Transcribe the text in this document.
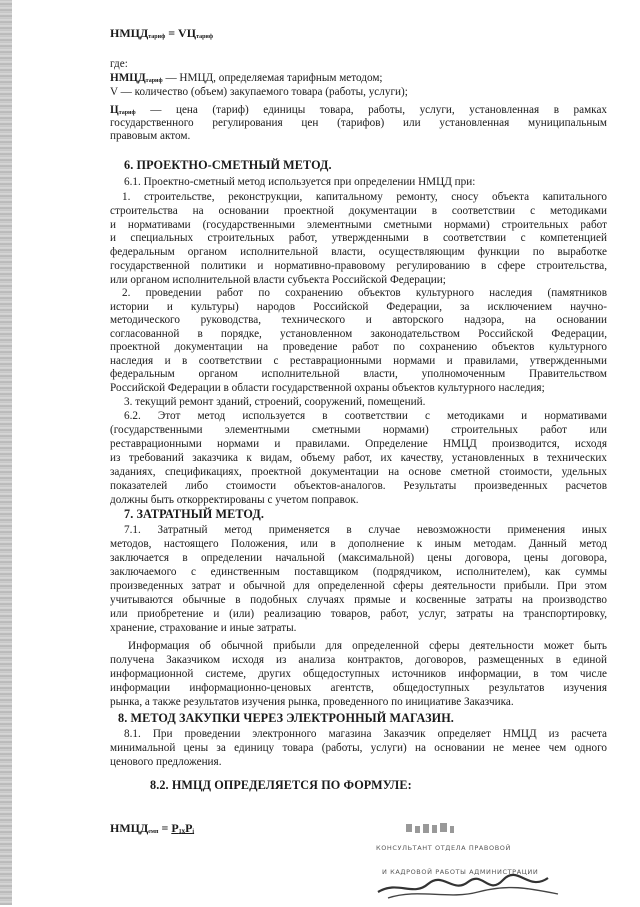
$НМЦД_{тариф} = VЦ_{тариф}$

где:

$НМЦД_{тариф}$ — НМЦД, определяемая тарифным методом;

V — количество (объем) закупаемого товара (работы, услуги);

$Ц_{тариф}$ — цена (тариф) единицы товара, работы, услуги, установленная в рамках

государственного регулирования цен (тарифов) или установленная муниципальным

правовым актом.

6. ПРОЕКТНО-СМЕТНЫЙ МЕТОД.

6.1. Проектно-сметный метод используется при определении НМЦД при:

1. строительстве, реконструкции, капитальному ремонту, сносу объекта капитального

строительства на основании проектной документации в соответствии с методиками

и нормативами (государственными элементными сметными нормами) строительных работ

и специальных строительных работ, утвержденными в соответствии с компетенцией

федеральным органом исполнительной власти, осуществляющим функции по выработке

государственной политики и нормативно-правовому регулированию в сфере строительства,

или органом исполнительной власти субъекта Российской Федерации;

2. проведении работ по сохранению объектов культурного наследия (памятников

истории и культуры) народов Российской Федерации, за исключением научно-

методического руководства, технического и авторского надзора, на основании

согласованной в порядке, установленном законодательством Российской Федерации,

проектной документации на проведение работ по сохранению объектов культурного

наследия и в соответствии с реставрационными нормами и правилами, утвержденными

федеральным органом исполнительной власти, уполномоченным Правительством

Российской Федерации в области государственной охраны объектов культурного наследия;

3. текущий ремонт зданий, строений, сооружений, помещений.

6.2. Этот метод используется в соответствии с методиками и нормативами

(государственными элементными сметными нормами) строительных работ или

реставрационными нормами и правилами. Определение НМЦД производится, исходя

из требований заказчика к видам, объему работ, их качеству, установленных в технических

заданиях, спецификациях, проектной документации на основе сметной стоимости, удельных

показателей либо стоимости объектов-аналогов. Результаты произведенных расчетов

должны быть откорректированы с учетом поправок.

7. ЗАТРАТНЫЙ МЕТОД.

7.1. Затратный метод применяется в случае невозможности применения иных

методов, настоящего Положения, или в дополнение к иным методам. Данный метод

заключается в определении начальной (максимальной) цены договора, цены договора,

заключаемого с единственным поставщиком (подрядчиком, исполнителем), как суммы

произведенных затрат и обычной для определенной сферы деятельности прибыли. При этом

учитываются обычные в подобных случаях прямые и косвенные затраты на производство

или приобретение и (или) реализацию товаров, работ, услуг, затраты на транспортировку,

хранение, страхование и иные затраты.

Информация об обычной прибыли для определенной сферы деятельности может быть

получена Заказчиком исходя из анализа контрактов, договоров, размещенных в единой

информационной системе, других общедоступных источников информации, в том числе

информации информационно-ценовых агентств, общедоступных результатов изучения

рынка, а также результатов изучения рынка, проведенного по инициативе Заказчика.

8. МЕТОД ЗАКУПКИ ЧЕРЕЗ ЭЛЕКТРОННЫЙ МАГАЗИН.

8.1. При проведении электронного магазина Заказчик определяет НМЦД из расчета

минимальной цены за единицу товара (работы, услуги) на основании не менее чем одного

ценового предложения.

8.2. НМЦД ОПРЕДЕЛЯЕТСЯ ПО ФОРМУЛЕ:

$НМЦД_{емп} = P_1_xP_i$

КОНСУЛЬТАНТ ОТДЕЛА ПРАВОВОЙ
И КАДРОВОЙ РАБОТЫ АДМИНИСТРАЦИИ
